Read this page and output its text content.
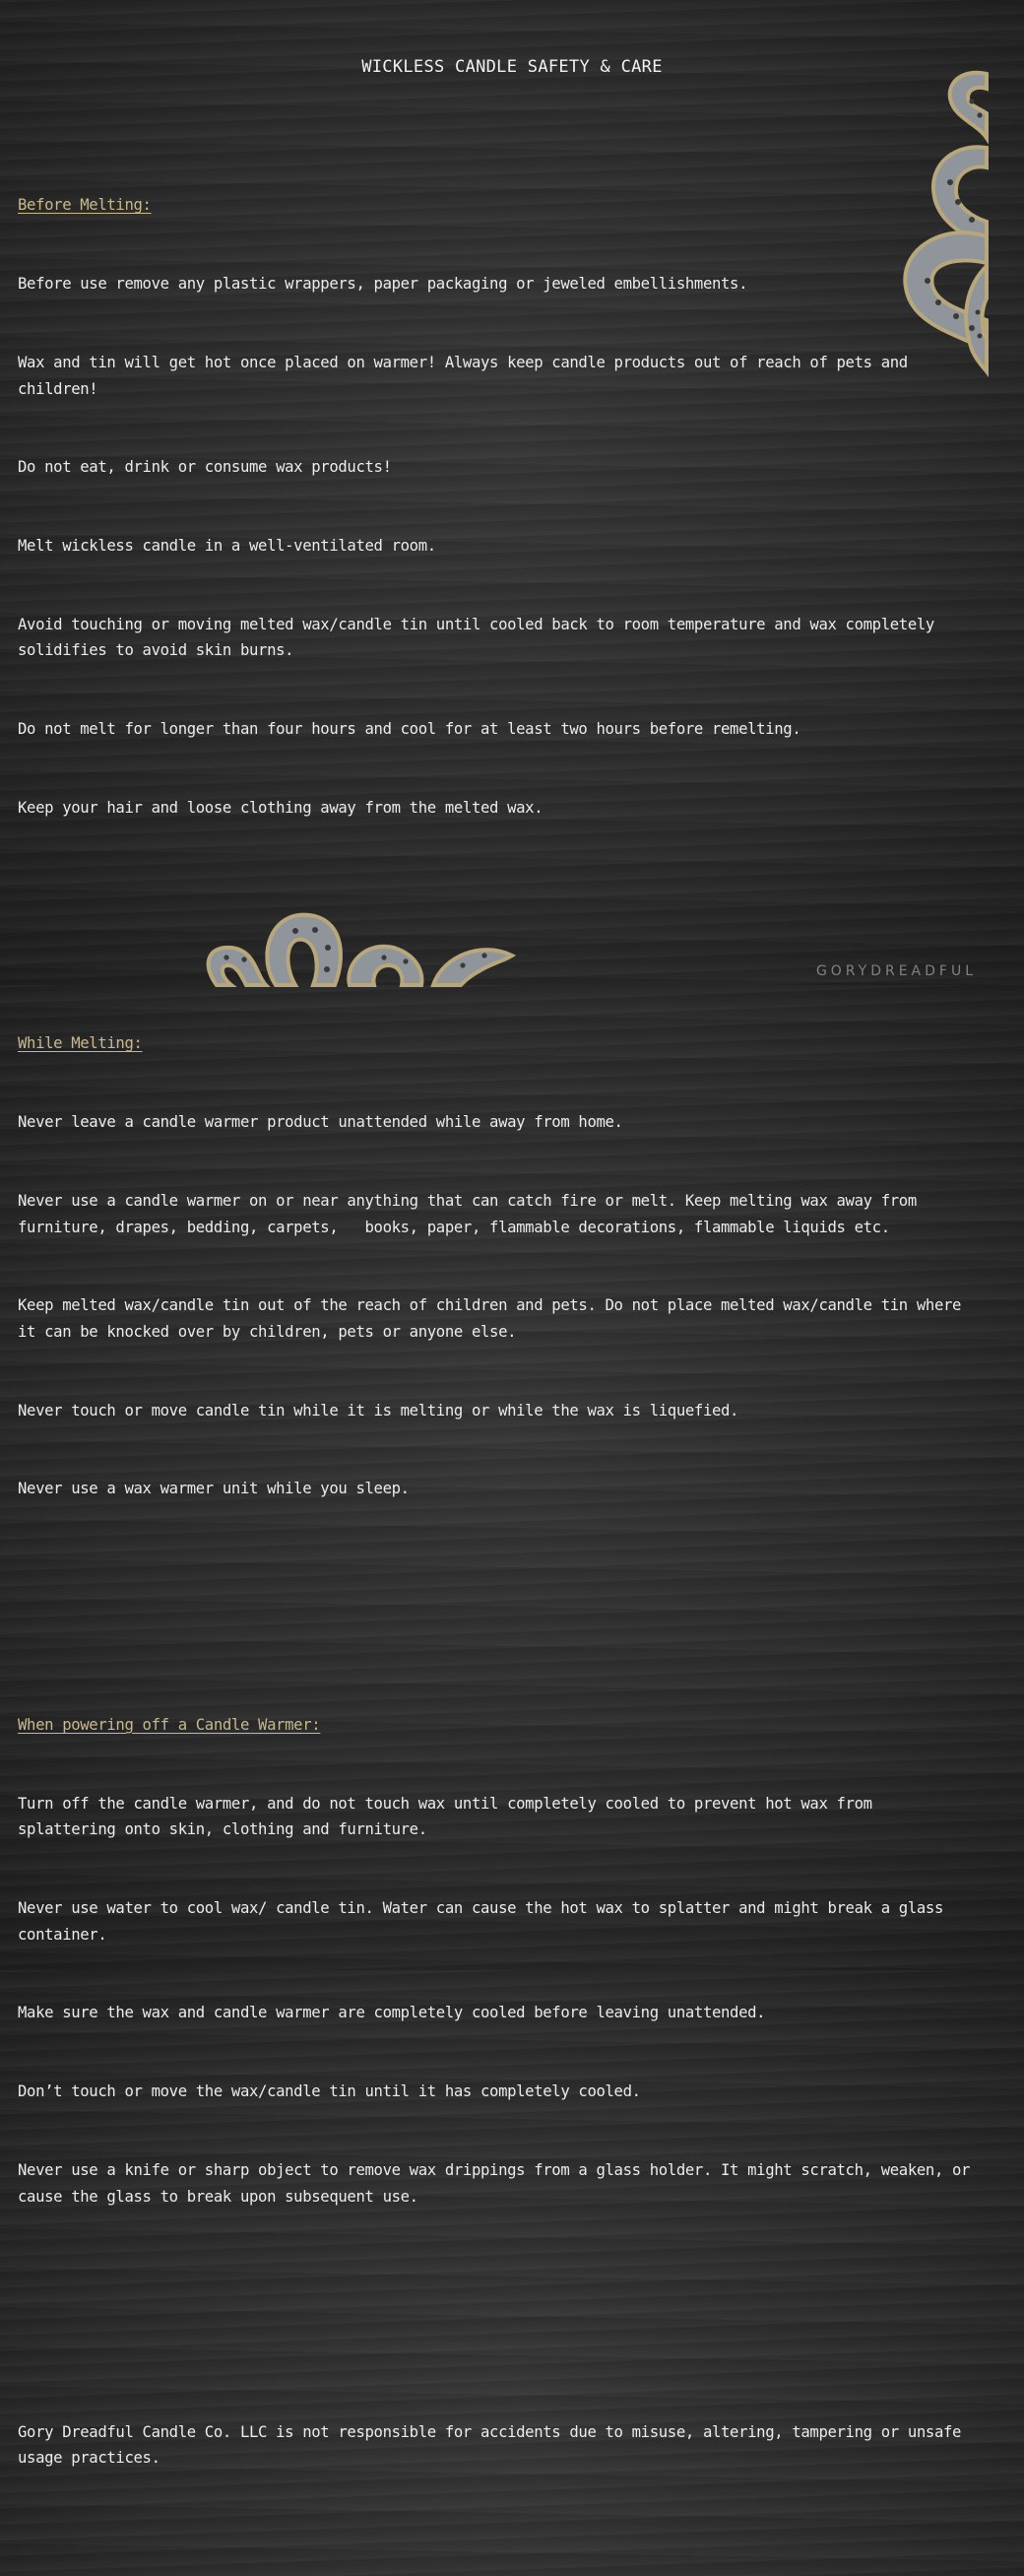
WICKLESS CANDLE SAFETY & CARE

Before Melting:

Before use remove any plastic wrappers, paper packaging or jeweled embellishments.

Wax and tin will get hot once placed on warmer! Always keep candle products out of reach of pets and children!

Do not eat, drink or consume wax products!

Melt wickless candle in a well-ventilated room.

Avoid touching or moving melted wax/candle tin until cooled back to room temperature and wax completely solidifies to avoid skin burns.

Do not melt for longer than four hours and cool for at least two hours before remelting.

Keep your hair and loose clothing away from the melted wax.

While Melting:

Never leave a candle warmer product unattended while away from home.

Never use a candle warmer on or near anything that can catch fire or melt. Keep melting wax away from furniture, drapes, bedding, carpets,   books, paper, flammable decorations, flammable liquids etc.

Keep melted wax/candle tin out of the reach of children and pets. Do not place melted wax/candle tin where it can be knocked over by children, pets or anyone else.

Never touch or move candle tin while it is melting or while the wax is liquefied.

Never use a wax warmer unit while you sleep.

When powering off a Candle Warmer:

Turn off the candle warmer, and do not touch wax until completely cooled to prevent hot wax from splattering onto skin, clothing and furniture.

Never use water to cool wax/ candle tin. Water can cause the hot wax to splatter and might break a glass container.

Make sure the wax and candle warmer are completely cooled before leaving unattended.

Don’t touch or move the wax/candle tin until it has completely cooled.

Never use a knife or sharp object to remove wax drippings from a glass holder. It might scratch, weaken, or cause the glass to break upon subsequent use.

Gory Dreadful Candle Co. LLC is not responsible for accidents due to misuse, altering, tampering or unsafe usage practices.

GORYDREADFUL
